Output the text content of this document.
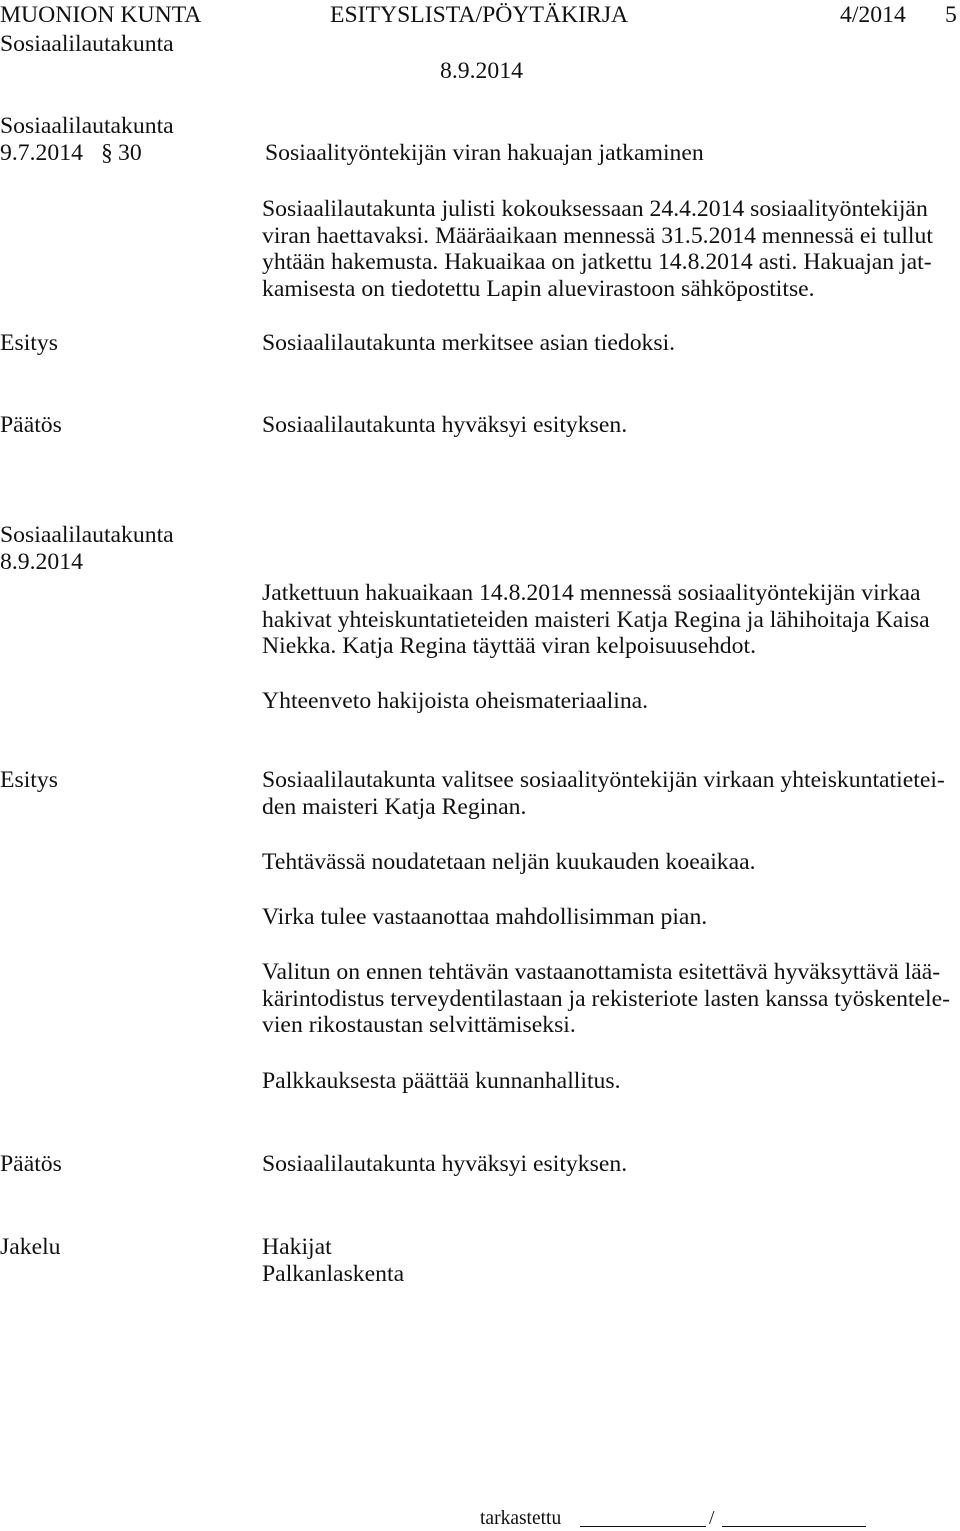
MUONION KUNTA	ESITYSLISTA/PÖYTÄKIRJA	4/2014 5
Sosiaalilautakunta
8.9.2014
Sosiaalilautakunta
9.7.2014 § 30	Sosiaalityöntekijän viran hakuajan jatkaminen
Sosiaalilautakunta julisti kokouksessaan 24.4.2014 sosiaalityöntekijän
viran haettavaksi. Määräaikaan mennessä 31.5.2014 mennessä ei tullut
yhtään hakemusta. Hakuaikaa on jatkettu 14.8.2014 asti. Hakuajan jat-
kamisesta on tiedotettu Lapin aluevirastoon sähköpostitse.
Esitys	Sosiaalilautakunta merkitsee asian tiedoksi.
Päätös	Sosiaalilautakunta hyväksyi esityksen.
Sosiaalilautakunta
8.9.2014
Jatkettuun hakuaikaan 14.8.2014 mennessä sosiaalityöntekijän virkaa
hakivat yhteiskuntatieteiden maisteri Katja Regina ja lähihoitaja Kaisa
Niekka. Katja Regina täyttää viran kelpoisuusehdot.
Yhteenveto hakijoista oheismateriaalina.
Esitys	Sosiaalilautakunta valitsee sosiaalityöntekijän virkaan yhteiskuntatietei-
den maisteri Katja Reginan.
Tehtävässä noudatetaan neljän kuukauden koeaikaa.
Virka tulee vastaanottaa mahdollisimman pian.
Valitun on ennen tehtävän vastaanottamista esitettävä hyväksyttävä lää-
kärintodistus terveydentilastaan ja rekisteriote lasten kanssa työskentele-
vien rikostaustan selvittämiseksi.
Palkkauksesta päättää kunnanhallitus.
Päätös	Sosiaalilautakunta hyväksyi esityksen.
Jakelu	Hakijat
Palkanlaskenta
tarkastettu	/
